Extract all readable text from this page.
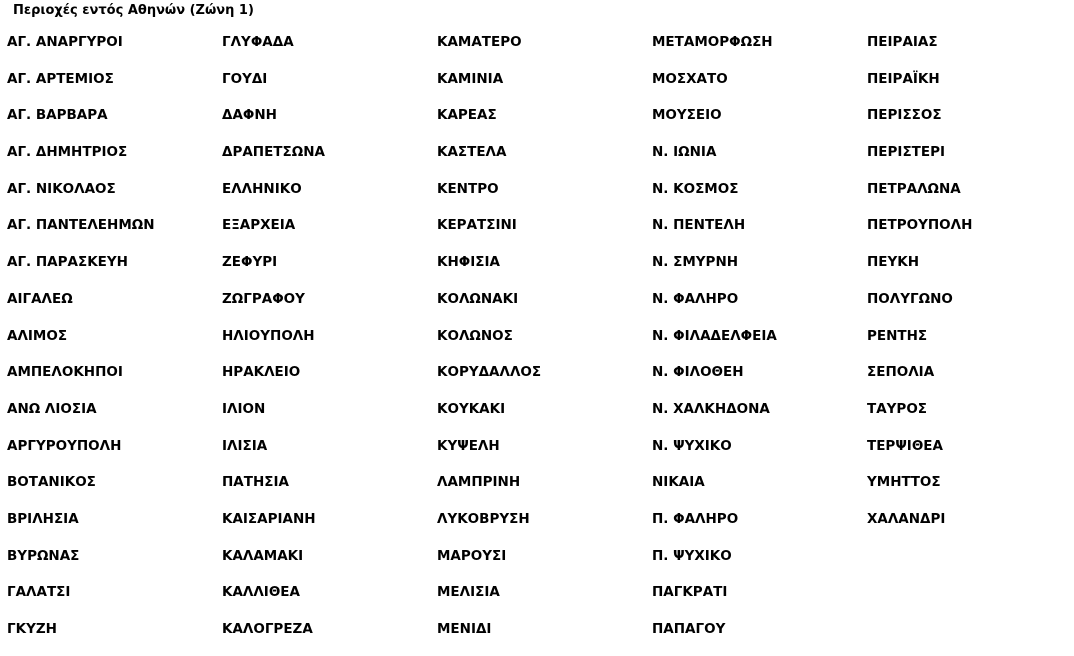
Περιοχές εντός Αθηνών (Ζώνη 1)
ΑΓ. ΑΝΑΡΓΥΡΟΙ
ΑΓ. ΑΡΤΕΜΙΟΣ
ΑΓ. ΒΑΡΒΑΡΑ
ΑΓ. ΔΗΜΗΤΡΙΟΣ
ΑΓ. ΝΙΚΟΛΑΟΣ
ΑΓ. ΠΑΝΤΕΛΕΗΜΩΝ
ΑΓ. ΠΑΡΑΣΚΕΥΗ
ΑΙΓΑΛΕΩ
ΑΛΙΜΟΣ
ΑΜΠΕΛΟΚΗΠΟΙ
ΑΝΩ ΛΙΟΣΙΑ
ΑΡΓΥΡΟΥΠΟΛΗ
ΒΟΤΑΝΙΚΟΣ
ΒΡΙΛΗΣΙΑ
ΒΥΡΩΝΑΣ
ΓΑΛΑΤΣΙ
ΓΚΥΖΗ
ΓΛΥΦΑΔΑ
ΓΟΥΔΙ
ΔΑΦΝΗ
ΔΡΑΠΕΤΣΩΝΑ
ΕΛΛΗΝΙΚΟ
ΕΞΑΡΧΕΙΑ
ΖΕΦΥΡΙ
ΖΩΓΡΑΦΟΥ
ΗΛΙΟΥΠΟΛΗ
ΗΡΑΚΛΕΙΟ
ΙΛΙΟΝ
ΙΛΙΣΙΑ
ΠΑΤΗΣΙΑ
ΚΑΙΣΑΡΙΑΝΗ
ΚΑΛΑΜΑΚΙ
ΚΑΛΛΙΘΕΑ
ΚΑΛΟΓΡΕΖΑ
ΚΑΜΑΤΕΡΟ
ΚΑΜΙΝΙΑ
ΚΑΡΕΑΣ
ΚΑΣΤΕΛΑ
ΚΕΝΤΡΟ
ΚΕΡΑΤΣΙΝΙ
ΚΗΦΙΣΙΑ
ΚΟΛΩΝΑΚΙ
ΚΟΛΩΝΟΣ
ΚΟΡΥΔΑΛΛΟΣ
ΚΟΥΚΑΚΙ
ΚΥΨΕΛΗ
ΛΑΜΠΡΙΝΗ
ΛΥΚΟΒΡΥΣΗ
ΜΑΡΟΥΣΙ
ΜΕΛΙΣΙΑ
ΜΕΝΙΔΙ
ΜΕΤΑΜΟΡΦΩΣΗ
ΜΟΣΧΑΤΟ
ΜΟΥΣΕΙΟ
Ν. ΙΩΝΙΑ
Ν. ΚΟΣΜΟΣ
Ν. ΠΕΝΤΕΛΗ
Ν. ΣΜΥΡΝΗ
Ν. ΦΑΛΗΡΟ
Ν. ΦΙΛΑΔΕΛΦΕΙΑ
Ν. ΦΙΛΟΘΕΗ
Ν. ΧΑΛΚΗΔΟΝΑ
Ν. ΨΥΧΙΚΟ
ΝΙΚΑΙΑ
Π. ΦΑΛΗΡΟ
Π. ΨΥΧΙΚΟ
ΠΑΓΚΡΑΤΙ
ΠΑΠΑΓΟΥ
ΠΕΙΡΑΙΑΣ
ΠΕΙΡΑΪΚΗ
ΠΕΡΙΣΣΟΣ
ΠΕΡΙΣΤΕΡΙ
ΠΕΤΡΑΛΩΝΑ
ΠΕΤΡΟΥΠΟΛΗ
ΠΕΥΚΗ
ΠΟΛΥΓΩΝΟ
ΡΕΝΤΗΣ
ΣΕΠΟΛΙΑ
ΤΑΥΡΟΣ
ΤΕΡΨΙΘΕΑ
ΥΜΗΤΤΟΣ
ΧΑΛΑΝΔΡΙ
